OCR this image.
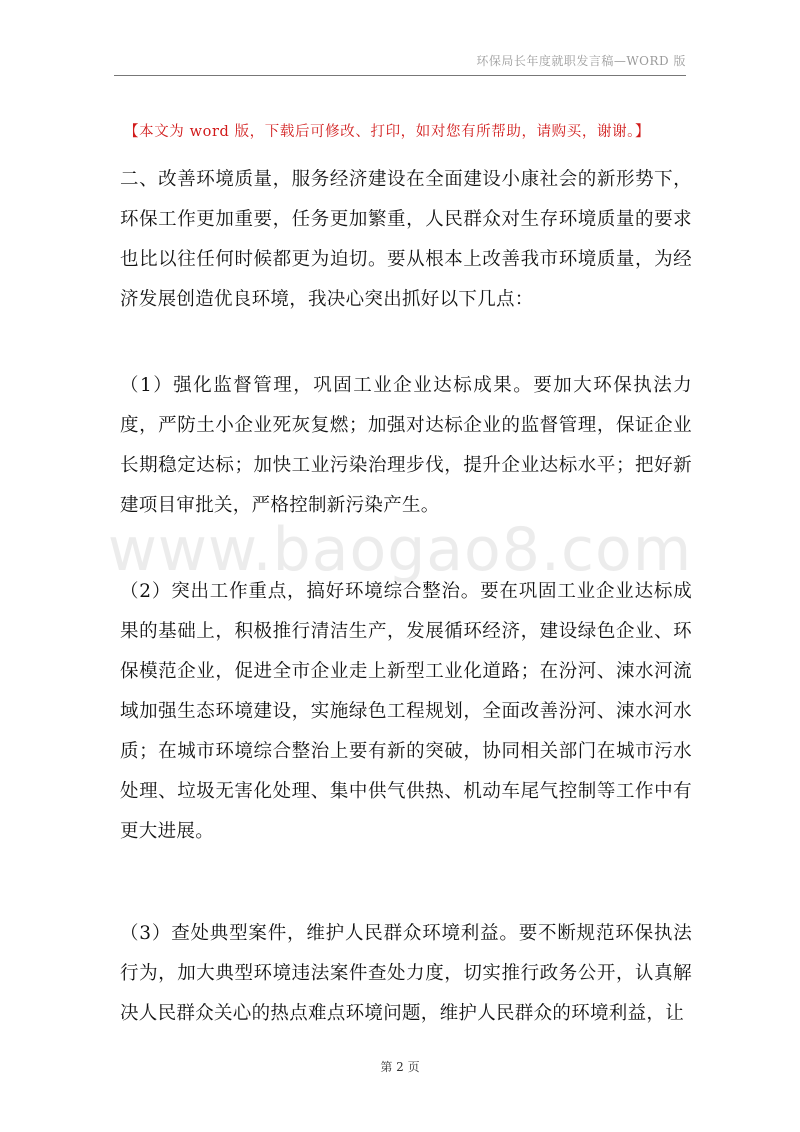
环保局长年度就职发言稿—WORD 版
【本文为 word 版，下载后可修改、打印，如对您有所帮助，请购买，谢谢。】
www.baogao8.com
二、改善环境质量，服务经济建设在全面建设小康社会的新形势下，环保工作更加重要，任务更加繁重，人民群众对生存环境质量的要求也比以往任何时候都更为迫切。要从根本上改善我市环境质量，为经济发展创造优良环境，我决心突出抓好以下几点：
（1）强化监督管理，巩固工业企业达标成果。要加大环保执法力度，严防土小企业死灰复燃；加强对达标企业的监督管理，保证企业长期稳定达标；加快工业污染治理步伐，提升企业达标水平；把好新建项目审批关，严格控制新污染产生。
（2）突出工作重点，搞好环境综合整治。要在巩固工业企业达标成果的基础上，积极推行清洁生产，发展循环经济，建设绿色企业、环保模范企业，促进全市企业走上新型工业化道路；在汾河、涑水河流域加强生态环境建设，实施绿色工程规划，全面改善汾河、涑水河水质；在城市环境综合整治上要有新的突破，协同相关部门在城市污水处理、垃圾无害化处理、集中供气供热、机动车尾气控制等工作中有更大进展。
（3）查处典型案件，维护人民群众环境利益。要不断规范环保执法行为，加大典型环境违法案件查处力度，切实推行政务公开，认真解决人民群众关心的热点难点环境问题，维护人民群众的环境利益，让
第 2 页
